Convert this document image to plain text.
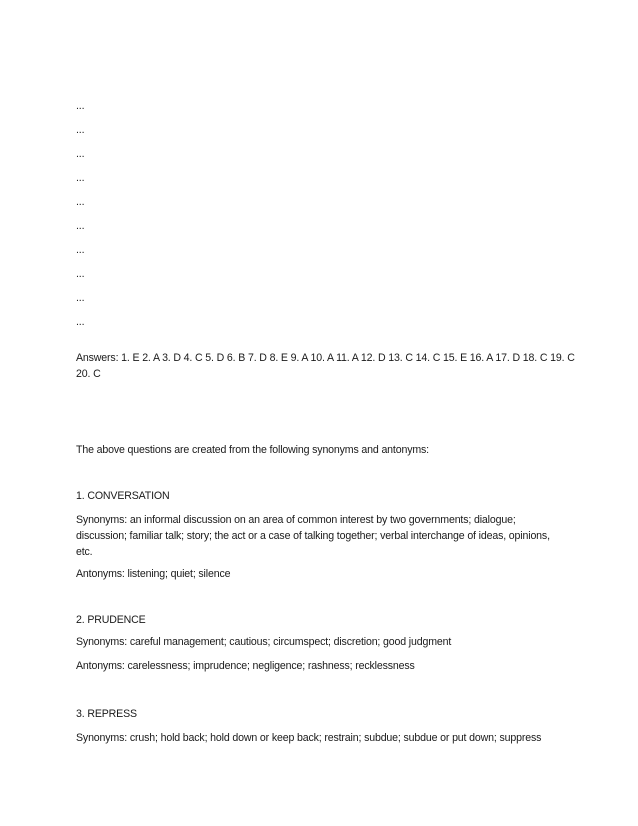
...
...
...
...
...
...
...
...
...
...
Answers: 1. E 2. A 3. D 4. C 5. D 6. B 7. D 8. E 9. A 10. A 11. A 12. D 13. C 14. C 15. E 16. A 17. D 18. C 19. C 20. C
The above questions are created from the following synonyms and antonyms:
1. CONVERSATION
Synonyms: an informal discussion on an area of common interest by two governments; dialogue; discussion; familiar talk; story; the act or a case of talking together; verbal interchange of ideas, opinions, etc.
Antonyms: listening; quiet; silence
2. PRUDENCE
Synonyms: careful management; cautious; circumspect; discretion; good judgment
Antonyms: carelessness; imprudence; negligence; rashness; recklessness
3. REPRESS
Synonyms: crush; hold back; hold down or keep back; restrain; subdue; subdue or put down; suppress
